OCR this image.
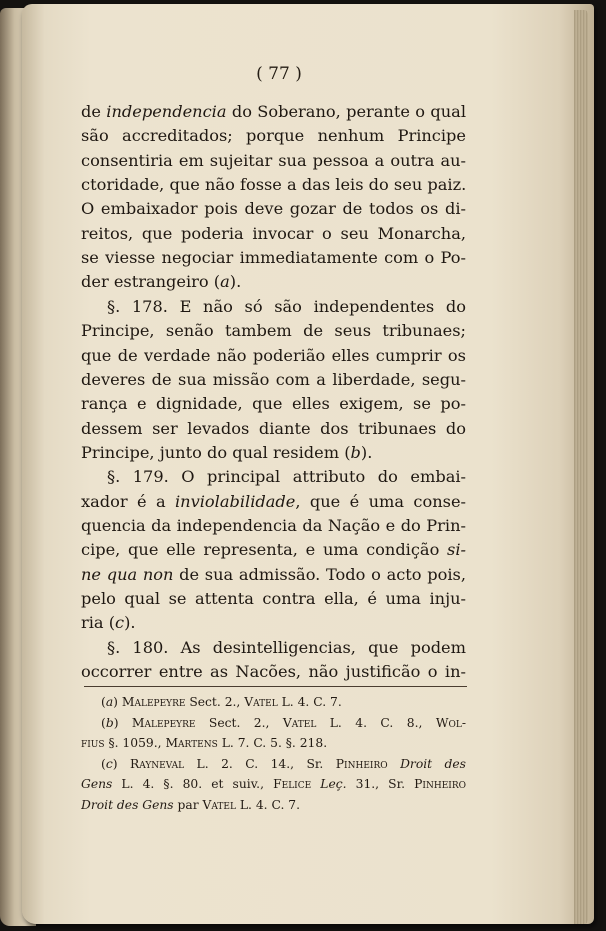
( 77 )
de independencia do Soberano, perante o qual
são accreditados; porque nenhum Principe
consentiria em sujeitar sua pessoa a outra au-
ctoridade, que não fosse a das leis do seu paiz.
O embaixador pois deve gozar de todos os di-
reitos, que poderia invocar o seu Monarcha,
se viesse negociar immediatamente com o Po-
der estrangeiro (a).
§. 178. E não só são independentes do
Principe, senão tambem de seus tribunaes;
que de verdade não poderião elles cumprir os
deveres de sua missão com a liberdade, segu-
rança e dignidade, que elles exigem, se po-
dessem ser levados diante dos tribunaes do
Principe, junto do qual residem (b).
§. 179. O principal attributo do embai-
xador é a inviolabilidade, que é uma conse-
quencia da independencia da Nação e do Prin-
cipe, que elle representa, e uma condição si-
ne qua non de sua admissão. Todo o acto pois,
pelo qual se attenta contra ella, é uma inju-
ria (c).
§. 180. As desintelligencias, que podem
occorrer entre as Nacões, não justificão o in-
(a) Malepeyre Sect. 2., Vatel L. 4. C. 7.
(b) Malepeyre Sect. 2., Vatel L. 4. C. 8., Wol-
fius §. 1059., Martens L. 7. C. 5. §. 218.
(c) Rayneval L. 2. C. 14., Sr. Pinheiro Droit des
Gens L. 4. §. 80. et suiv., Felice Leç. 31., Sr. Pinheiro
Droit des Gens par Vatel L. 4. C. 7.
